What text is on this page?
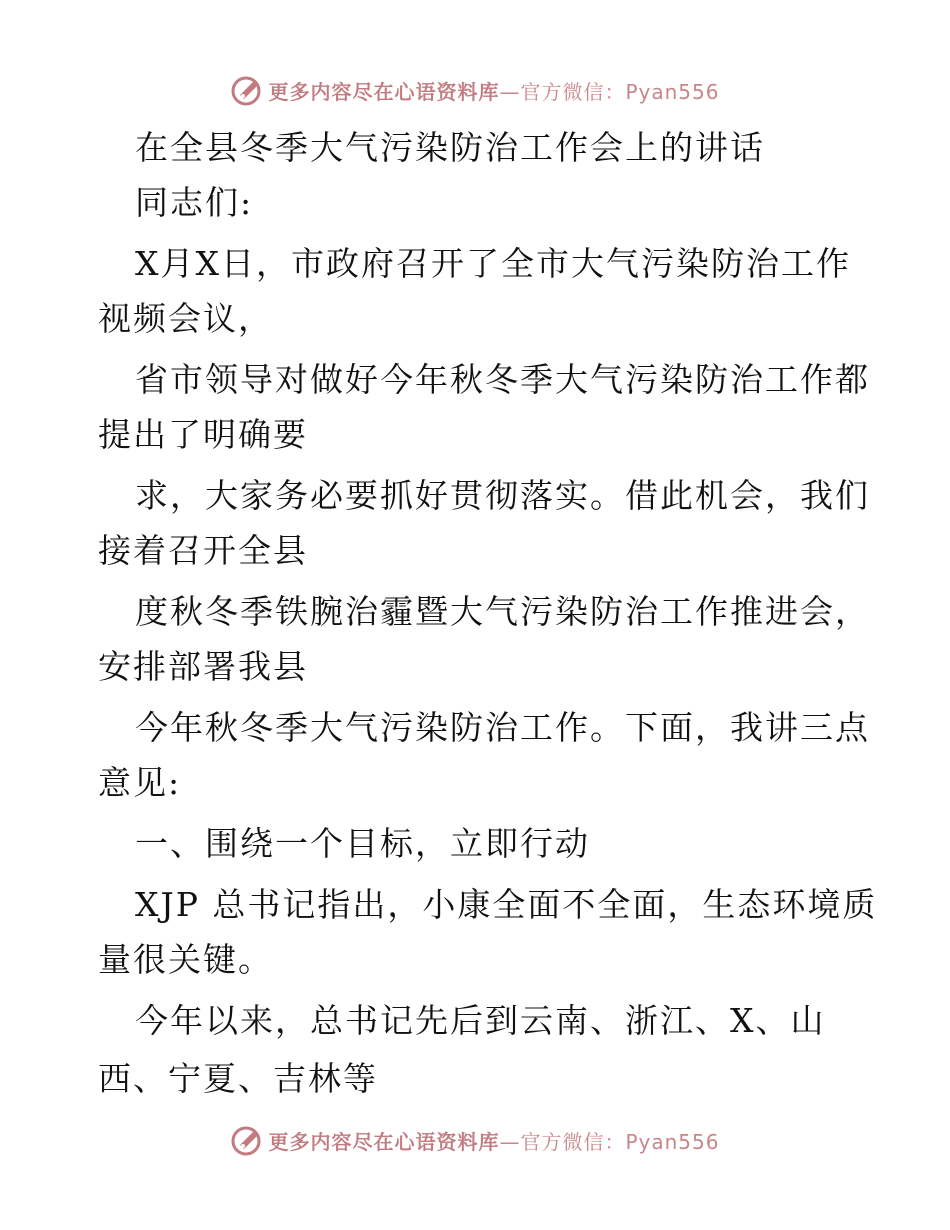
更多内容尽在心语资料库—官方微信：Pyan556
在全县冬季大气污染防治工作会上的讲话
同志们:
X月X日，市政府召开了全市大气污染防治工作
视频会议，
省市领导对做好今年秋冬季大气污染防治工作都
提出了明确要
求，大家务必要抓好贯彻落实。借此机会，我们
接着召开全县
度秋冬季铁腕治霾暨大气污染防治工作推进会，
安排部署我县
今年秋冬季大气污染防治工作。下面，我讲三点
意见:
一、围绕一个目标，立即行动
XJP 总书记指出，小康全面不全面，生态环境质
量很关键。
今年以来，总书记先后到云南、浙江、X、山
西、宁夏、吉林等
更多内容尽在心语资料库—官方微信：Pyan556
